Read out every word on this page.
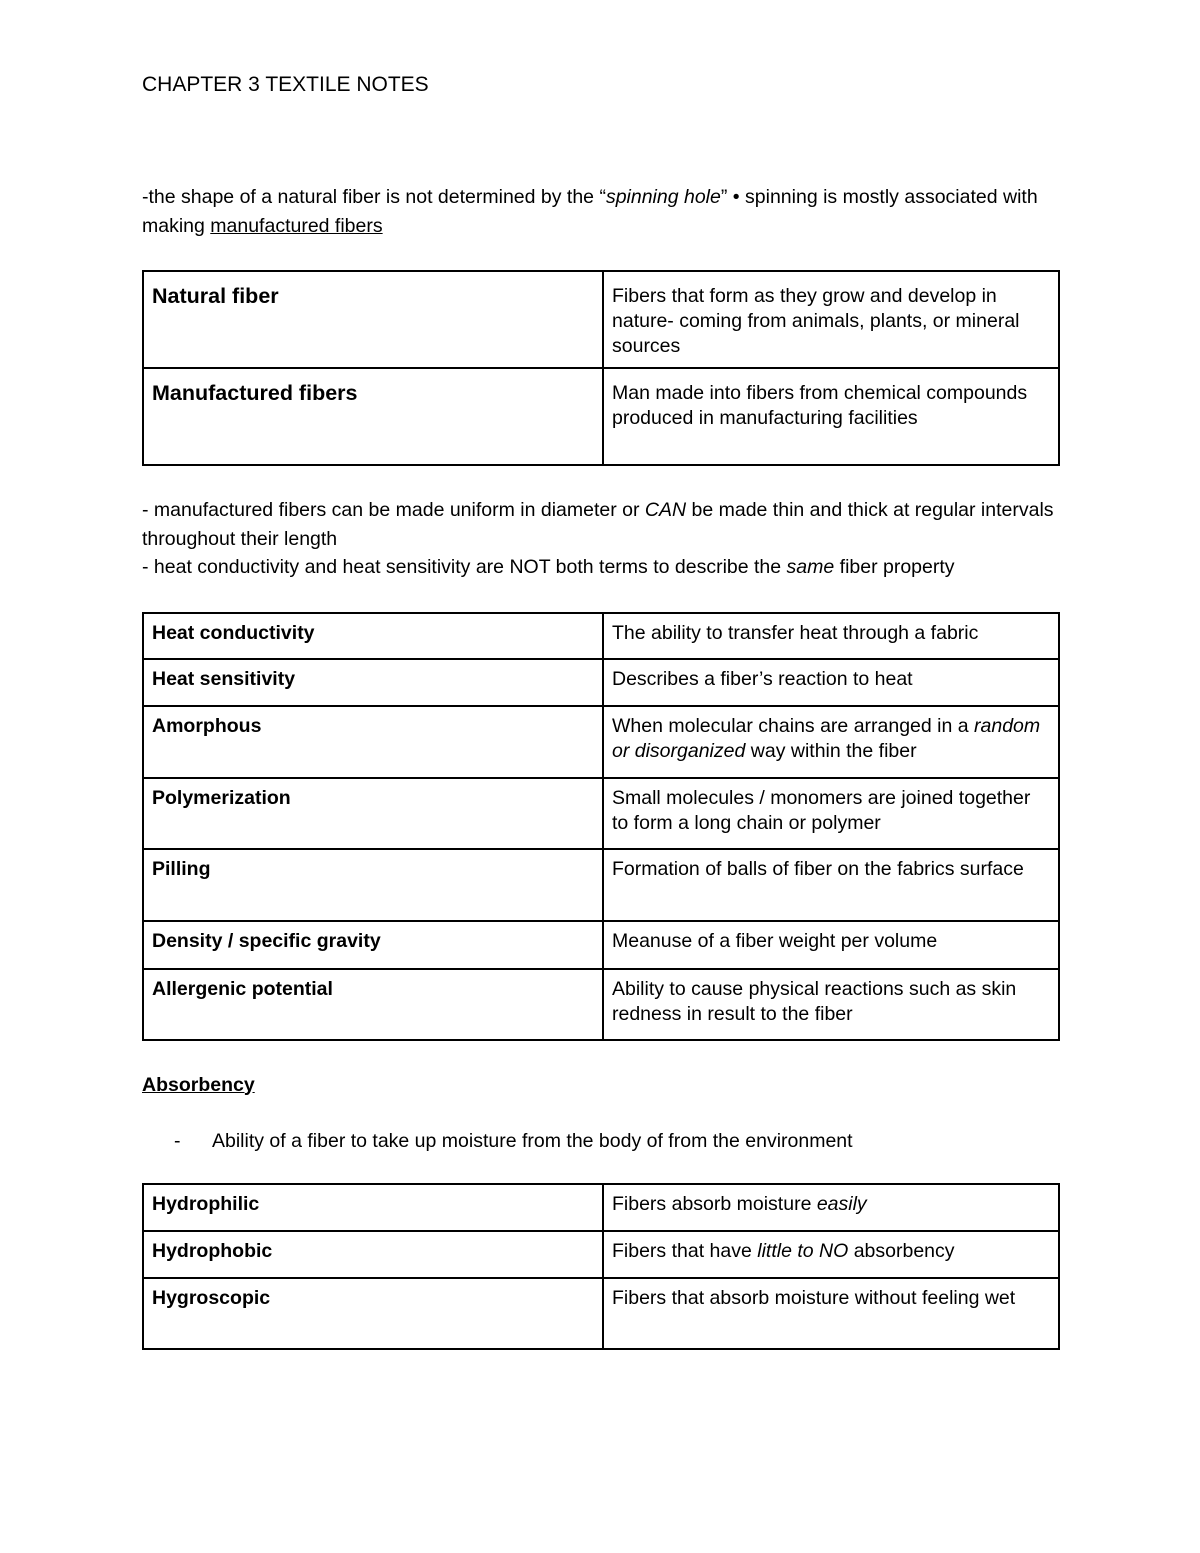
CHAPTER 3 TEXTILE NOTES

-the shape of a natural fiber is not determined by the “spinning hole” • spinning is mostly associated with making manufactured fibers

Natural fiber	Fibers that form as they grow and develop in nature- coming from animals, plants, or mineral sources
Manufactured fibers	Man made into fibers from chemical compounds produced in manufacturing facilities

- manufactured fibers can be made uniform in diameter or CAN be made thin and thick at regular intervals throughout their length
- heat conductivity and heat sensitivity are NOT both terms to describe the same fiber property

Heat conductivity	The ability to transfer heat through a fabric
Heat sensitivity	Describes a fiber’s reaction to heat
Amorphous	When molecular chains are arranged in a random or disorganized way within the fiber
Polymerization	Small molecules / monomers are joined together to form a long chain or polymer
Pilling	Formation of balls of fiber on the fabrics surface
Density / specific gravity	Meanuse of a fiber weight per volume
Allergenic potential	Ability to cause physical reactions such as skin redness in result to the fiber

Absorbency

-	Ability of a fiber to take up moisture from the body of from the environment
Hydrophilic	Fibers absorb moisture easily
Hydrophobic	Fibers that have little to NO absorbency
Hygroscopic	Fibers that absorb moisture without feeling wet
